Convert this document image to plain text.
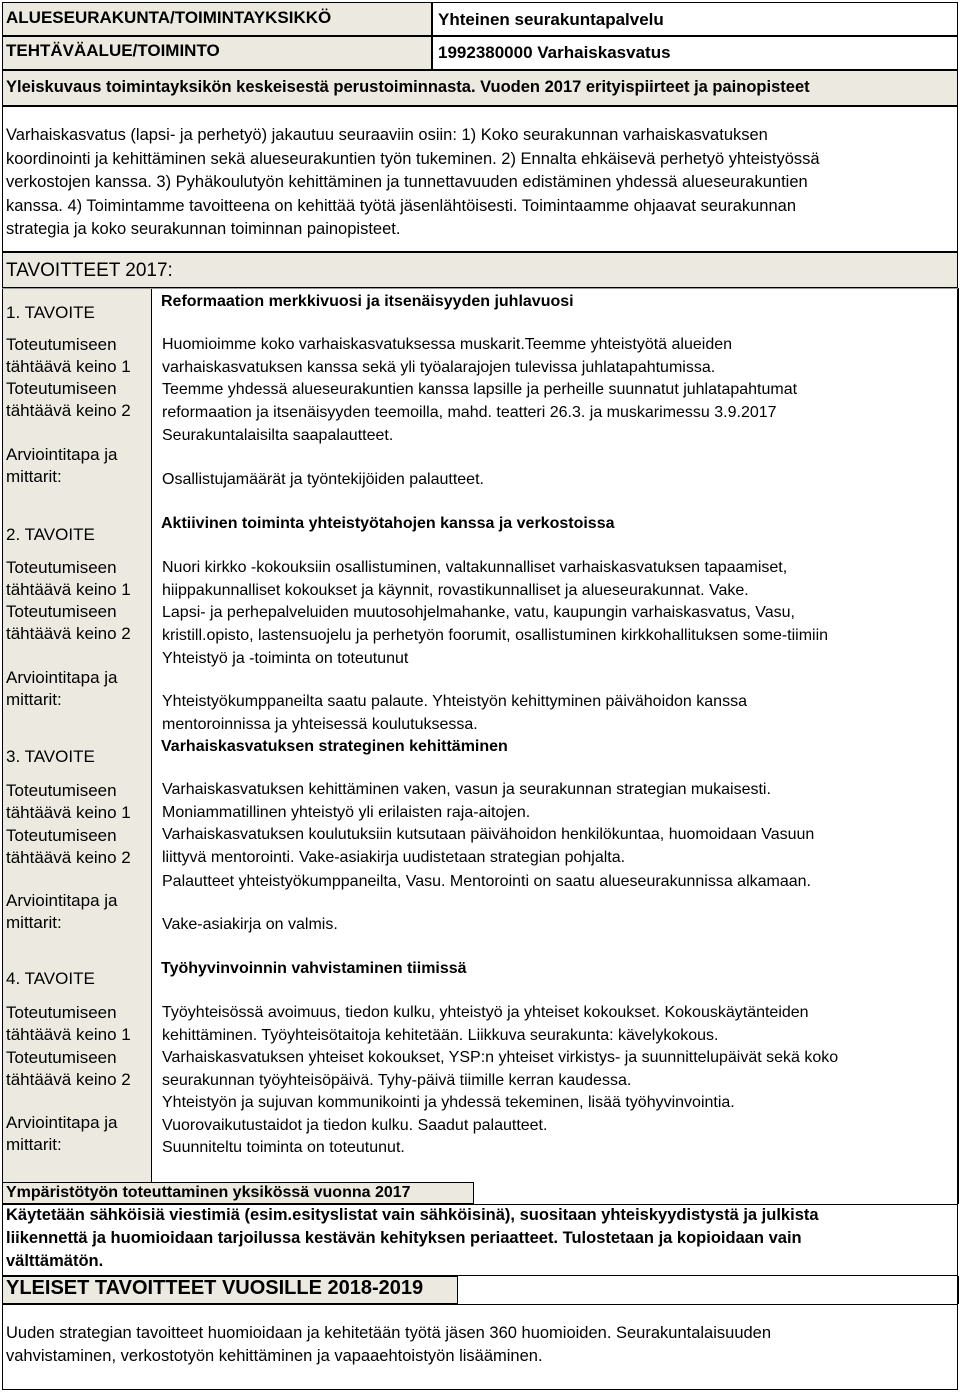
ALUESEURAKUNTA/TOIMINTAYKSIKKÖ	Yhteinen seurakuntapalvelu
TEHTÄVÄALUE/TOIMINTO	1992380000 Varhaiskasvatus
Yleiskuvaus toimintayksikön keskeisestä perustoiminnasta. Vuoden 2017 erityispiirteet ja painopisteet
Varhaiskasvatus (lapsi- ja perhetyö) jakautuu seuraaviin osiin: 1) Koko seurakunnan varhaiskasvatuksen
koordinointi ja kehittäminen sekä alueseurakuntien työn tukeminen. 2) Ennalta ehkäisevä perhetyö yhteistyössä
verkostojen kanssa. 3) Pyhäkoulutyön kehittäminen ja tunnettavuuden edistäminen yhdessä alueseurakuntien
kanssa. 4) Toimintamme tavoitteena on kehittää työtä jäsenlähtöisesti. Toimintaamme ohjaavat seurakunnan
strategia ja koko seurakunnan toiminnan painopisteet.
TAVOITTEET 2017:
1. TAVOITE
Reformaation merkkivuosi ja itsenäisyyden juhlavuosi
Toteutumiseen
tähtäävä keino 1
Huomioimme koko varhaiskasvatuksessa muskarit.Teemme yhteistyötä alueiden
varhaiskasvatuksen kanssa sekä yli työalarajojen tulevissa juhlatapahtumissa.
Toteutumiseen
tähtäävä keino 2
Teemme yhdessä alueseurakuntien kanssa lapsille ja perheille suunnatut juhlatapahtumat
reformaation ja itsenäisyyden teemoilla, mahd. teatteri 26.3. ja muskarimessu 3.9.2017
Arviointitapa ja
mittarit:
Seurakuntalaisilta saapalautteet.
Osallistujamäärät ja työntekijöiden palautteet.
2. TAVOITE
Aktiivinen toiminta yhteistyötahojen kanssa ja verkostoissa
Toteutumiseen
tähtäävä keino 1
Nuori kirkko -kokouksiin osallistuminen, valtakunnalliset varhaiskasvatuksen tapaamiset,
hiippakunnalliset kokoukset ja käynnit, rovastikunnalliset ja alueseurakunnat. Vake.
Toteutumiseen
tähtäävä keino 2
Lapsi- ja perhepalveluiden muutosohjelmahanke, vatu, kaupungin varhaiskasvatus, Vasu,
kristill.opisto, lastensuojelu ja perhetyön foorumit, osallistuminen kirkkohallituksen some-tiimiin
Arviointitapa ja
mittarit:
Yhteistyö ja -toiminta on toteutunut
Yhteistyökumppaneilta saatu palaute. Yhteistyön kehittyminen päivähoidon kanssa
mentoroinnissa ja yhteisessä koulutuksessa.
3. TAVOITE
Varhaiskasvatuksen strateginen kehittäminen
Toteutumiseen
tähtäävä keino 1
Varhaiskasvatuksen kehittäminen vaken, vasun ja seurakunnan strategian mukaisesti.
Moniammatillinen yhteistyö yli erilaisten raja-aitojen.
Toteutumiseen
tähtäävä keino 2
Varhaiskasvatuksen koulutuksiin kutsutaan päivähoidon henkilökuntaa, huomoidaan Vasuun
liittyvä mentorointi. Vake-asiakirja uudistetaan strategian pohjalta.
Arviointitapa ja
mittarit:
Palautteet yhteistyökumppaneilta, Vasu. Mentorointi on saatu alueseurakunnissa alkamaan.
Vake-asiakirja on valmis.
4. TAVOITE
Työhyvinvoinnin vahvistaminen tiimissä
Toteutumiseen
tähtäävä keino 1
Työyhteisössä avoimuus, tiedon kulku, yhteistyö ja yhteiset kokoukset. Kokouskäytänteiden
kehittäminen. Työyhteisötaitoja kehitetään. Liikkuva seurakunta: kävelykokous.
Toteutumiseen
tähtäävä keino 2
Varhaiskasvatuksen yhteiset kokoukset, YSP:n yhteiset virkistys- ja suunnittelupäivät sekä koko
seurakunnan työyhteisöpäivä. Tyhy-päivä tiimille kerran kaudessa.
Arviointitapa ja
mittarit:
Yhteistyön ja sujuvan kommunikointi ja yhdessä tekeminen, lisää työhyvinvointia.
Vuorovaikutustaidot ja tiedon kulku. Saadut palautteet.
Suunniteltu toiminta on toteutunut.
Ympäristötyön toteuttaminen yksikössä vuonna 2017
Käytetään sähköisiä viestimiä (esim.esityslistat vain sähköisinä), suositaan yhteiskyydistystä ja julkista
liikennettä ja huomioidaan tarjoilussa kestävän kehityksen periaatteet. Tulostetaan ja kopioidaan vain
välttämätön.
YLEISET TAVOITTEET VUOSILLE 2018-2019
Uuden strategian tavoitteet huomioidaan ja kehitetään työtä jäsen 360 huomioiden. Seurakuntalaisuuden
vahvistaminen, verkostotyön kehittäminen ja vapaaehtoistyön lisääminen.
